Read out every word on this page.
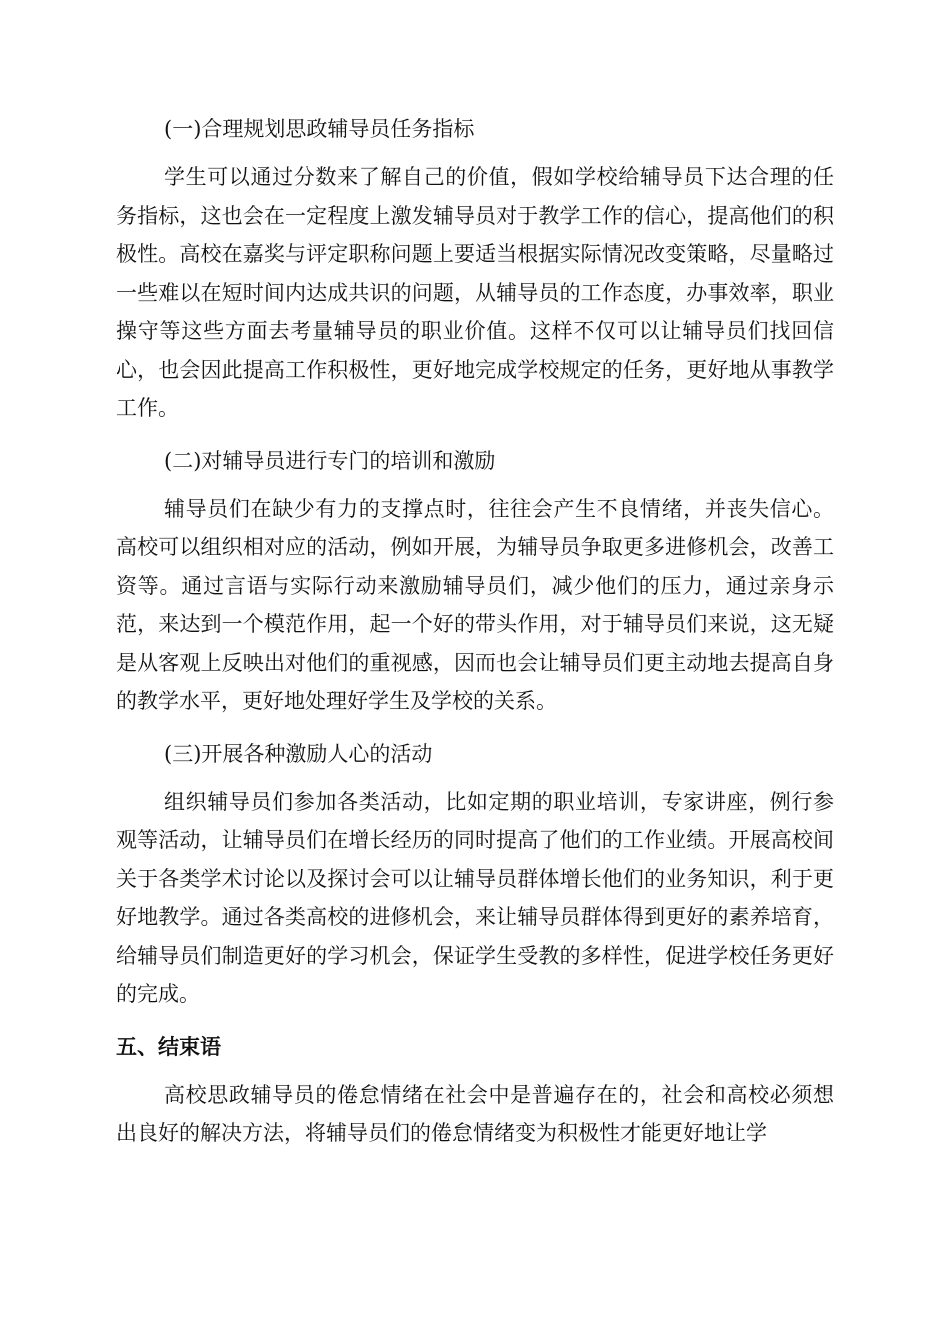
(一)合理规划思政辅导员任务指标

学生可以通过分数来了解自己的价值，假如学校给辅导员下达合理的任务指标，这也会在一定程度上激发辅导员对于教学工作的信心，提高他们的积极性。高校在嘉奖与评定职称问题上要适当根据实际情况改变策略，尽量略过一些难以在短时间内达成共识的问题，从辅导员的工作态度，办事效率，职业操守等这些方面去考量辅导员的职业价值。这样不仅可以让辅导员们找回信心，也会因此提高工作积极性，更好地完成学校规定的任务，更好地从事教学工作。

(二)对辅导员进行专门的培训和激励

辅导员们在缺少有力的支撑点时，往往会产生不良情绪，并丧失信心。高校可以组织相对应的活动，例如开展，为辅导员争取更多进修机会，改善工资等。通过言语与实际行动来激励辅导员们，减少他们的压力，通过亲身示范，来达到一个模范作用，起一个好的带头作用，对于辅导员们来说，这无疑是从客观上反映出对他们的重视感，因而也会让辅导员们更主动地去提高自身的教学水平，更好地处理好学生及学校的关系。

(三)开展各种激励人心的活动

组织辅导员们参加各类活动，比如定期的职业培训，专家讲座，例行参观等活动，让辅导员们在增长经历的同时提高了他们的工作业绩。开展高校间关于各类学术讨论以及探讨会可以让辅导员群体增长他们的业务知识，利于更好地教学。通过各类高校的进修机会，来让辅导员群体得到更好的素养培育，给辅导员们制造更好的学习机会，保证学生受教的多样性，促进学校任务更好的完成。

五、结束语

高校思政辅导员的倦怠情绪在社会中是普遍存在的，社会和高校必须想出良好的解决方法，将辅导员们的倦怠情绪变为积极性才能更好地让学
